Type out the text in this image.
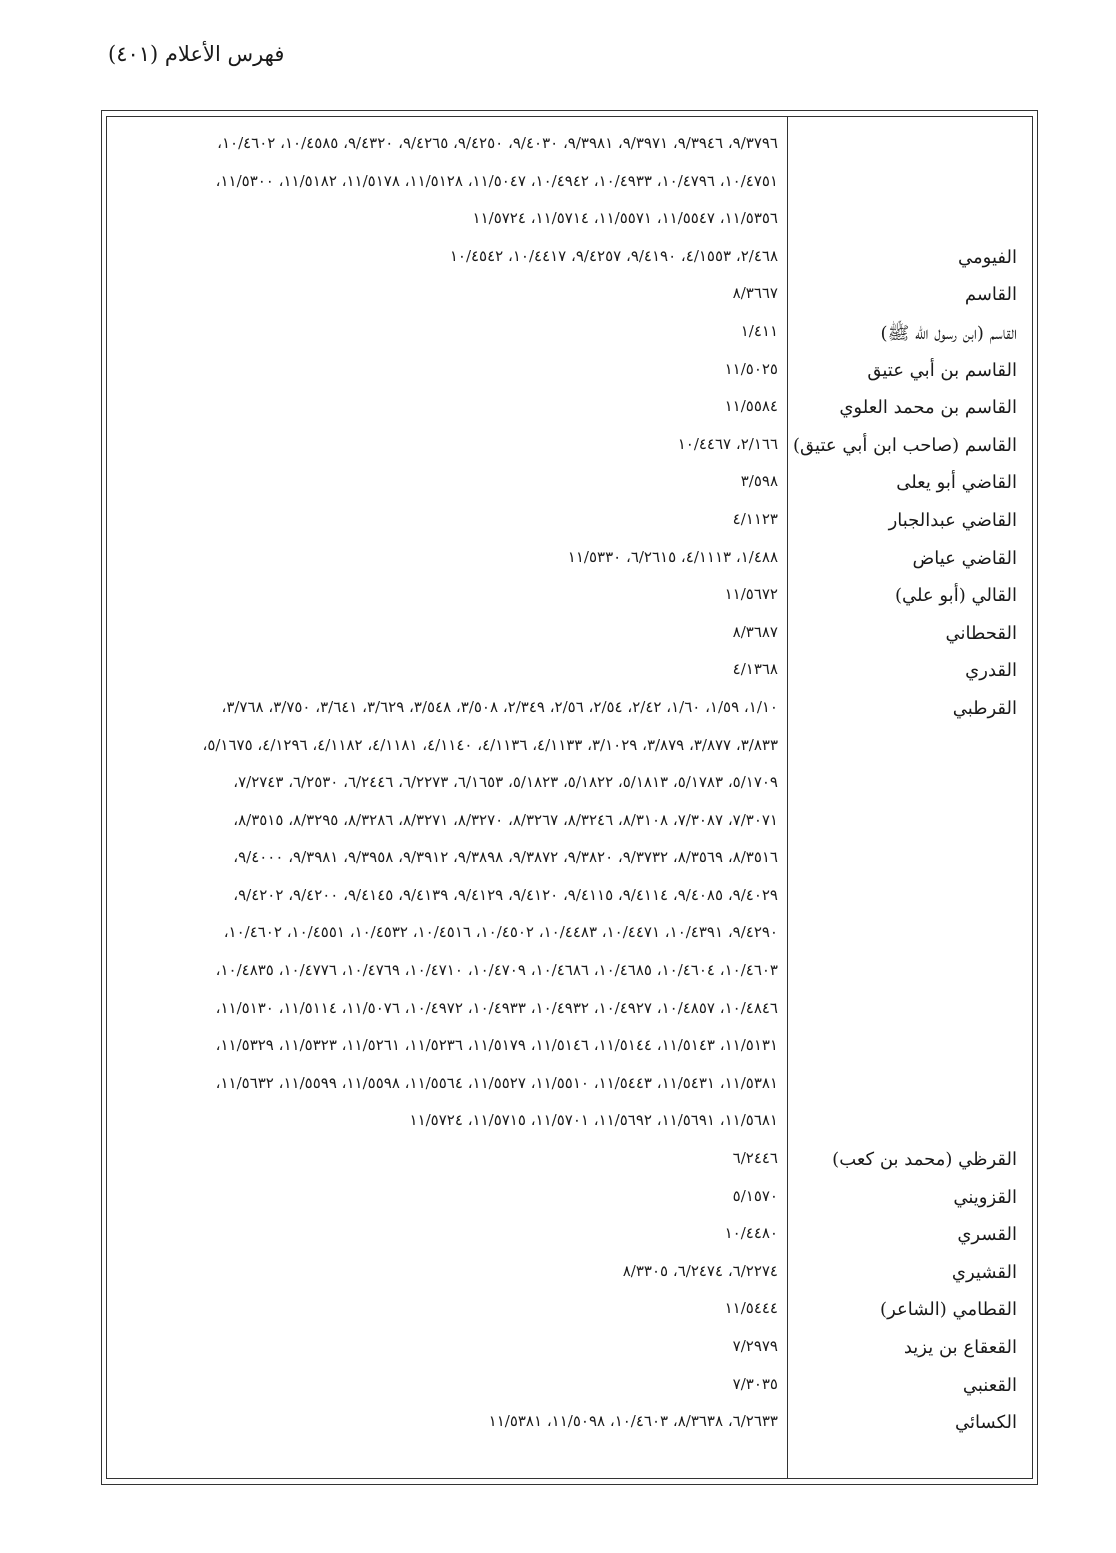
فهرس الأعلام (٤٠١)
٩/٣٧٩٦، ٩/٣٩٤٦، ٩/٣٩٧١، ٩/٣٩٨١، ٩/٤٠٣٠، ٩/٤٢٥٠، ٩/٤٢٦٥، ٩/٤٣٢٠، ١٠/٤٥٨٥، ١٠/٤٦٠٢،
١٠/٤٧٥١، ١٠/٤٧٩٦، ١٠/٤٩٣٣، ١٠/٤٩٤٢، ١١/٥٠٤٧، ١١/٥١٢٨، ١١/٥١٧٨، ١١/٥١٨٢، ١١/٥٣٠٠،
١١/٥٣٥٦، ١١/٥٥٤٧، ١١/٥٥٧١، ١١/٥٧١٤، ١١/٥٧٢٤
الفيومي
٢/٤٦٨، ٤/١٥٥٣، ٩/٤١٩٠، ٩/٤٢٥٧، ١٠/٤٤١٧، ١٠/٤٥٤٢
القاسم
٨/٣٦٦٧
القاسم (ابن رسول الله ﷺ)
١/٤١١
القاسم بن أبي عتيق
١١/٥٠٢٥
القاسم بن محمد العلوي
١١/٥٥٨٤
القاسم (صاحب ابن أبي عتيق)
٢/١٦٦، ١٠/٤٤٦٧
القاضي أبو يعلى
٣/٥٩٨
القاضي عبدالجبار
٤/١١٢٣
القاضي عياض
١/٤٨٨، ٤/١١١٣، ٦/٢٦١٥، ١١/٥٣٣٠
القالي (أبو علي)
١١/٥٦٧٢
القحطاني
٨/٣٦٨٧
القدري
٤/١٣٦٨
القرطبي
١/١٠، ١/٥٩، ١/٦٠، ٢/٤٢، ٢/٥٤، ٢/٥٦، ٢/٣٤٩، ٣/٥٠٨، ٣/٥٤٨، ٣/٦٢٩، ٣/٦٤١، ٣/٧٥٠، ٣/٧٦٨،
٣/٨٣٣، ٣/٨٧٧، ٣/٨٧٩، ٣/١٠٢٩، ٤/١١٣٣، ٤/١١٣٦، ٤/١١٤٠، ٤/١١٨١، ٤/١١٨٢، ٤/١٢٩٦، ٥/١٦٧٥،
٥/١٧٠٩، ٥/١٧٨٣، ٥/١٨١٣، ٥/١٨٢٢، ٥/١٨٢٣، ٦/١٦٥٣، ٦/٢٢٧٣، ٦/٢٤٤٦، ٦/٢٥٣٠، ٧/٢٧٤٣،
٧/٣٠٧١، ٧/٣٠٨٧، ٨/٣١٠٨، ٨/٣٢٤٦، ٨/٣٢٦٧، ٨/٣٢٧٠، ٨/٣٢٧١، ٨/٣٢٨٦، ٨/٣٢٩٥، ٨/٣٥١٥،
٨/٣٥١٦، ٨/٣٥٦٩، ٩/٣٧٣٢، ٩/٣٨٢٠، ٩/٣٨٧٢، ٩/٣٨٩٨، ٩/٣٩١٢، ٩/٣٩٥٨، ٩/٣٩٨١، ٩/٤٠٠٠،
٩/٤٠٢٩، ٩/٤٠٨٥، ٩/٤١١٤، ٩/٤١١٥، ٩/٤١٢٠، ٩/٤١٢٩، ٩/٤١٣٩، ٩/٤١٤٥، ٩/٤٢٠٠، ٩/٤٢٠٢،
٩/٤٢٩٠، ١٠/٤٣٩١، ١٠/٤٤٧١، ١٠/٤٤٨٣، ١٠/٤٥٠٢، ١٠/٤٥١٦، ١٠/٤٥٣٢، ١٠/٤٥٥١، ١٠/٤٦٠٢،
١٠/٤٦٠٣، ١٠/٤٦٠٤، ١٠/٤٦٨٥، ١٠/٤٦٨٦، ١٠/٤٧٠٩، ١٠/٤٧١٠، ١٠/٤٧٦٩، ١٠/٤٧٧٦، ١٠/٤٨٣٥،
١٠/٤٨٤٦، ١٠/٤٨٥٧، ١٠/٤٩٢٧، ١٠/٤٩٣٢، ١٠/٤٩٣٣، ١٠/٤٩٧٢، ١١/٥٠٧٦، ١١/٥١١٤، ١١/٥١٣٠،
١١/٥١٣١، ١١/٥١٤٣، ١١/٥١٤٤، ١١/٥١٤٦، ١١/٥١٧٩، ١١/٥٢٣٦، ١١/٥٢٦١، ١١/٥٣٢٣، ١١/٥٣٢٩،
١١/٥٣٨١، ١١/٥٤٣١، ١١/٥٤٤٣، ١١/٥٥١٠، ١١/٥٥٢٧، ١١/٥٥٦٤، ١١/٥٥٩٨، ١١/٥٥٩٩، ١١/٥٦٣٢،
١١/٥٦٨١، ١١/٥٦٩١، ١١/٥٦٩٢، ١١/٥٧٠١، ١١/٥٧١٥، ١١/٥٧٢٤
القرظي (محمد بن كعب)
٦/٢٤٤٦
القزويني
٥/١٥٧٠
القسري
١٠/٤٤٨٠
القشيري
٦/٢٢٧٤، ٦/٢٤٧٤، ٨/٣٣٠٥
القطامي (الشاعر)
١١/٥٤٤٤
القعقاع بن يزيد
٧/٢٩٧٩
القعنبي
٧/٣٠٣٥
الكسائي
٦/٢٦٣٣، ٨/٣٦٣٨، ١٠/٤٦٠٣، ١١/٥٠٩٨، ١١/٥٣٨١
